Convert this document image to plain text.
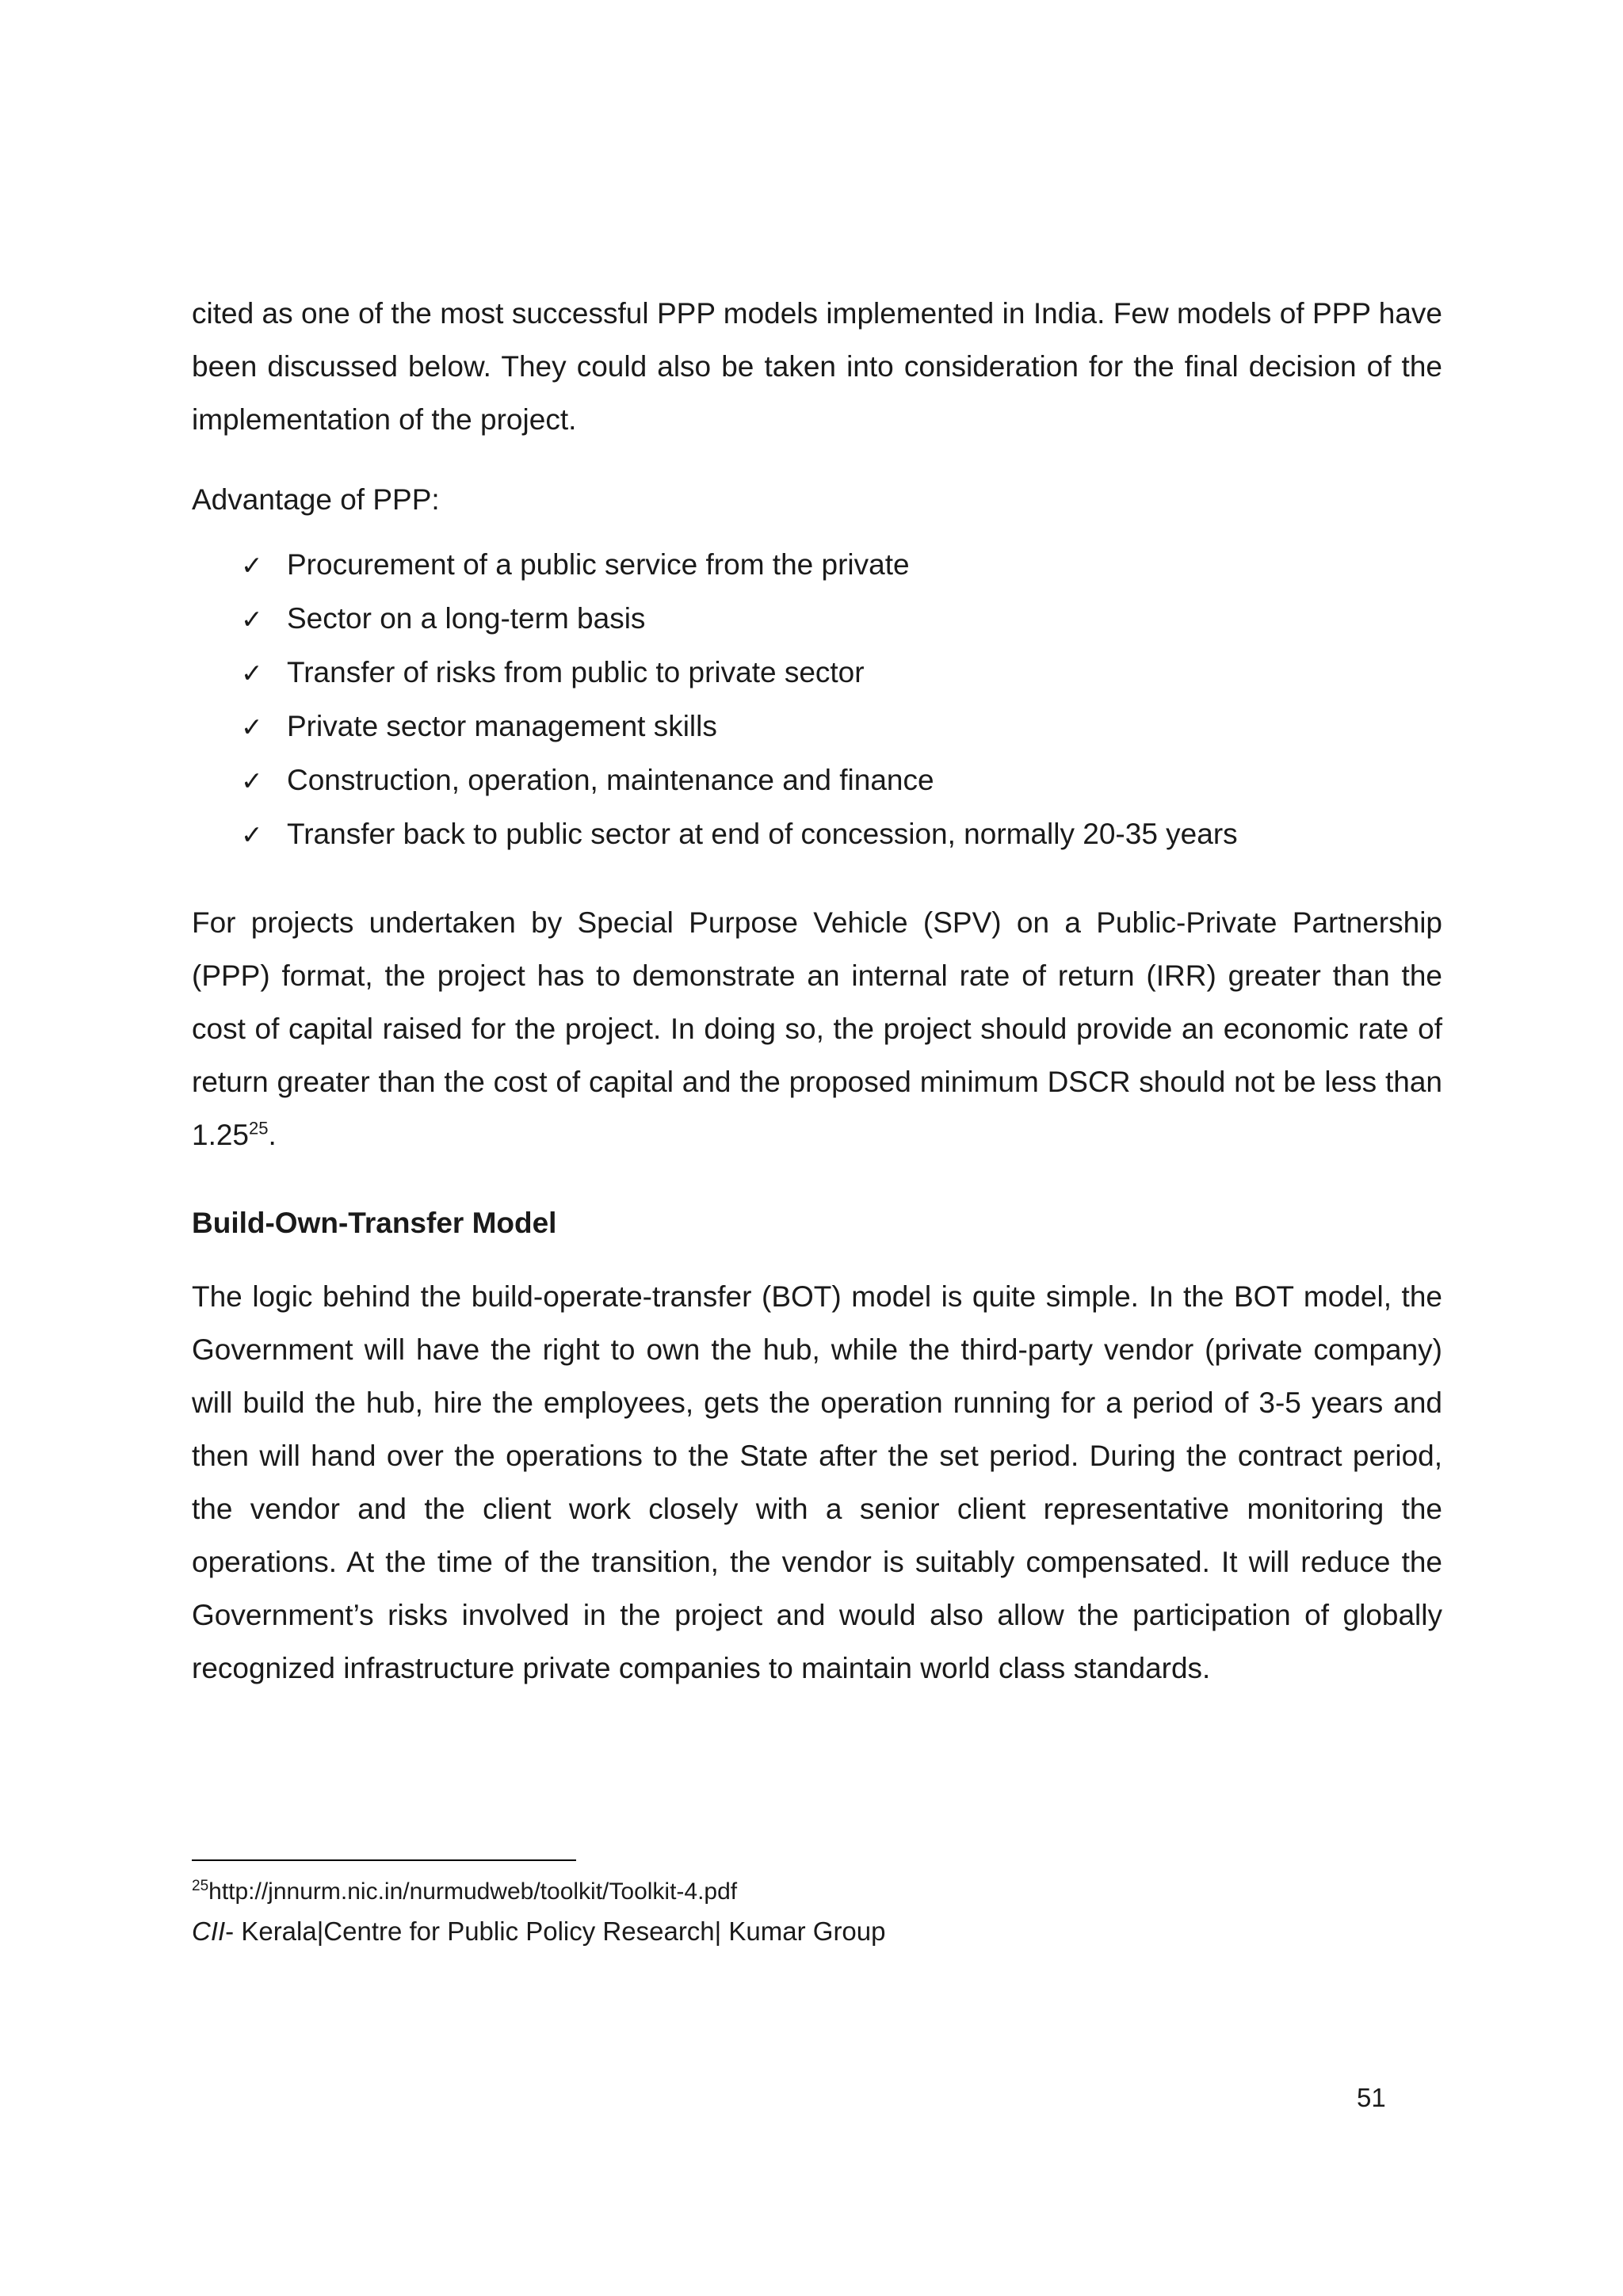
cited as one of the most successful PPP models implemented in India. Few models of PPP have been discussed below. They could also be taken into consideration for the final decision of the implementation of the project.

Advantage of PPP:

✓ Procurement of a public service from the private
✓ Sector on a long-term basis
✓ Transfer of risks from public to private sector
✓ Private sector management skills
✓ Construction, operation, maintenance and finance
✓ Transfer back to public sector at end of concession, normally 20-35 years

For projects undertaken by Special Purpose Vehicle (SPV) on a Public-Private Partnership (PPP) format, the project has to demonstrate an internal rate of return (IRR) greater than the cost of capital raised for the project. In doing so, the project should provide an economic rate of return greater than the cost of capital and the proposed minimum DSCR should not be less than

1.25$^{25}$.

Build-Own-Transfer Model

The logic behind the build-operate-transfer (BOT) model is quite simple. In the BOT model, the Government will have the right to own the hub, while the third-party vendor (private company) will build the hub, hire the employees, gets the operation running for a period of 3-5 years and then will hand over the operations to the State after the set period. During the contract period, the vendor and the client work closely with a senior client representative monitoring the operations. At the time of the transition, the vendor is suitably compensated. It will reduce the Government’s risks involved in the project and would also allow the participation of globally recognized infrastructure private companies to maintain world class standards.

$^{25}$http://jnnurm.nic.in/nurmudweb/toolkit/Toolkit-4.pdf
CII- Kerala|Centre for Public Policy Research| Kumar Group
51
